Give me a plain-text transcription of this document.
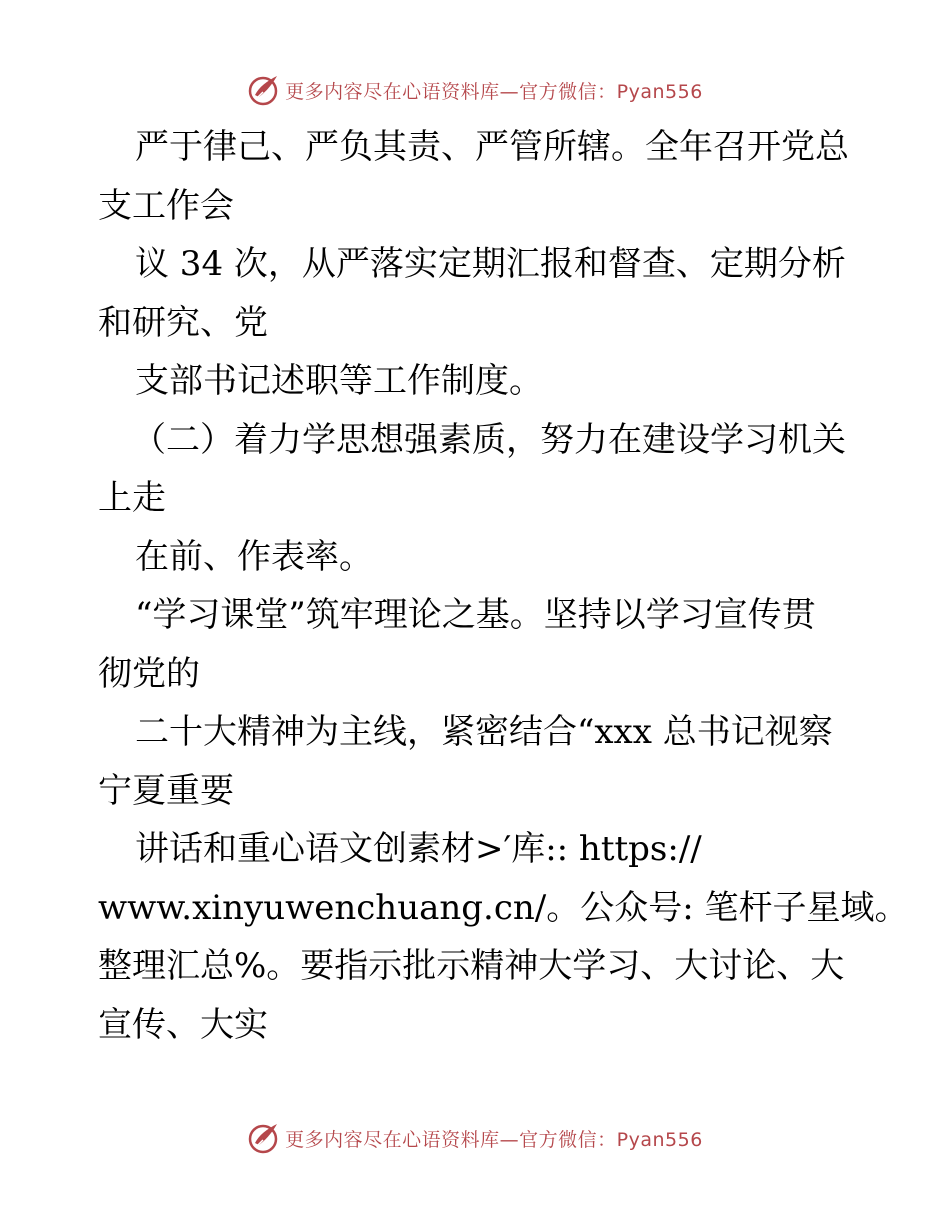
更多内容尽在心语资料库—官方微信：Pyan556
严于律己、严负其责、严管所辖。全年召开党总
支工作会
议 34 次，从严落实定期汇报和督查、定期分析
和研究、党
支部书记述职等工作制度。
（二）着力学思想强素质，努力在建设学习机关
上走
在前、作表率。
“学习课堂”筑牢理论之基。坚持以学习宣传贯
彻党的
二十大精神为主线，紧密结合“xxx 总书记视察
宁夏重要
讲话和重心语文创素材>′库:: https://
www.xinyuwenchuang.cn/。公众号: 笔杆子星域。
整理汇总%。要指示批示精神大学习、大讨论、大
宣传、大实
更多内容尽在心语资料库—官方微信：Pyan556
